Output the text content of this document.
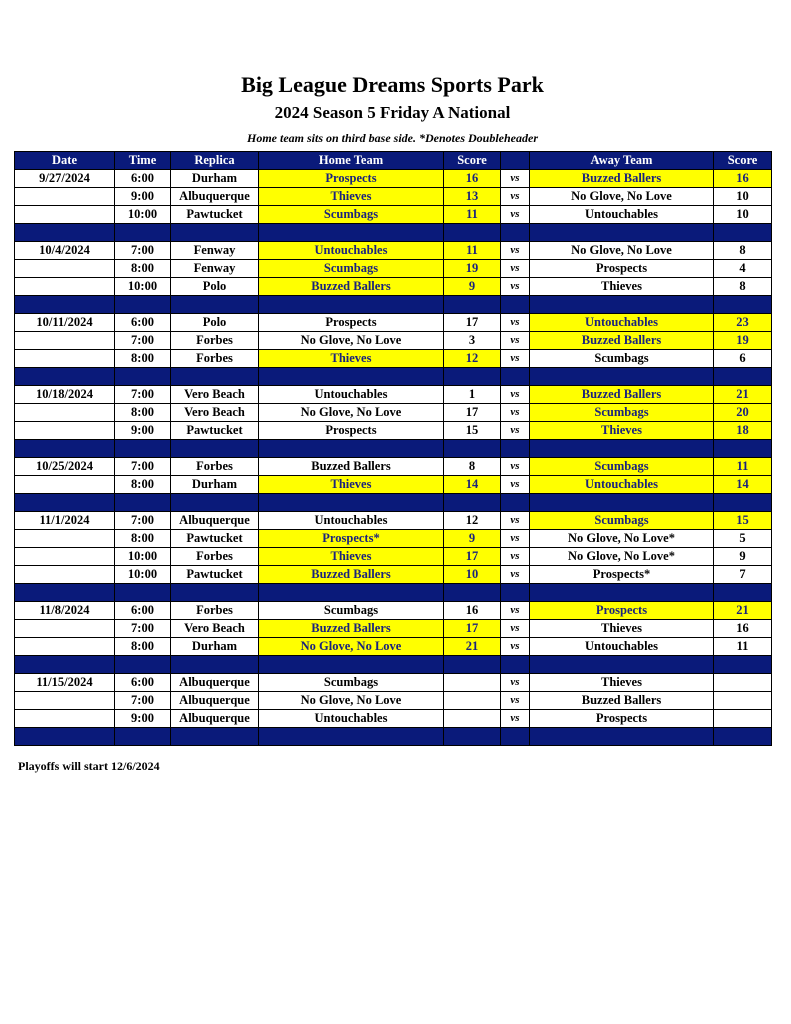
Big League Dreams Sports Park
2024 Season 5 Friday A National
Home team sits on third base side. *Denotes Doubleheader
Date	Time	Replica	Home Team	Score		Away Team	Score
9/27/2024	6:00	Durham	Prospects	16	vs	Buzzed Ballers	16
	9:00	Albuquerque	Thieves	13	vs	No Glove, No Love	10
	10:00	Pawtucket	Scumbags	11	vs	Untouchables	10

10/4/2024	7:00	Fenway	Untouchables	11	vs	No Glove, No Love	8
	8:00	Fenway	Scumbags	19	vs	Prospects	4
	10:00	Polo	Buzzed Ballers	9	vs	Thieves	8

10/11/2024	6:00	Polo	Prospects	17	vs	Untouchables	23
	7:00	Forbes	No Glove, No Love	3	vs	Buzzed Ballers	19
	8:00	Forbes	Thieves	12	vs	Scumbags	6

10/18/2024	7:00	Vero Beach	Untouchables	1	vs	Buzzed Ballers	21
	8:00	Vero Beach	No Glove, No Love	17	vs	Scumbags	20
	9:00	Pawtucket	Prospects	15	vs	Thieves	18

10/25/2024	7:00	Forbes	Buzzed Ballers	8	vs	Scumbags	11
	8:00	Durham	Thieves	14	vs	Untouchables	14

11/1/2024	7:00	Albuquerque	Untouchables	12	vs	Scumbags	15
	8:00	Pawtucket	Prospects*	9	vs	No Glove, No Love*	5
	10:00	Forbes	Thieves	17	vs	No Glove, No Love*	9
	10:00	Pawtucket	Buzzed Ballers	10	vs	Prospects*	7

11/8/2024	6:00	Forbes	Scumbags	16	vs	Prospects	21
	7:00	Vero Beach	Buzzed Ballers	17	vs	Thieves	16
	8:00	Durham	No Glove, No Love	21	vs	Untouchables	11

11/15/2024	6:00	Albuquerque	Scumbags		vs	Thieves	
	7:00	Albuquerque	No Glove, No Love		vs	Buzzed Ballers	
	9:00	Albuquerque	Untouchables		vs	Prospects	

Playoffs will start 12/6/2024
